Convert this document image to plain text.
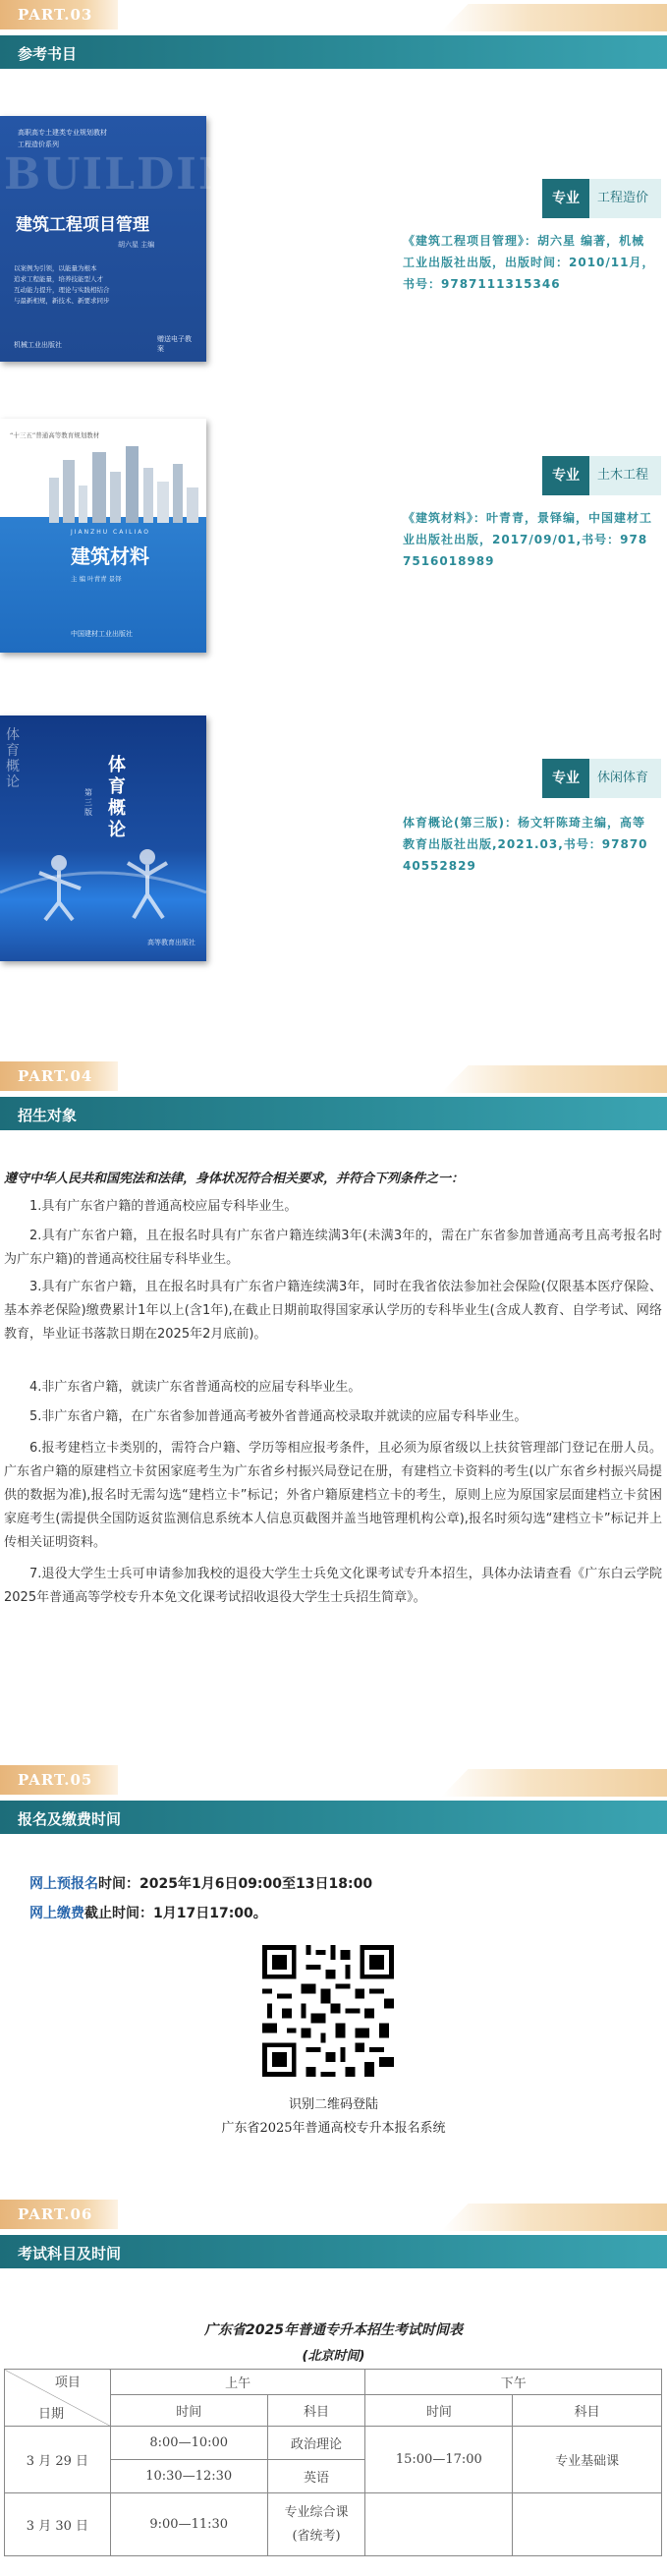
PART.03
参考书目
高职高专土建类专业规划教材
工程造价系列
BUILDING
建筑工程项目管理
胡六星 主编
以案例为引领，以能量为根本
追求工程能量，培养技能型人才
互动能力提升，理论与实践相结合
与最新相规，新技术、新要求同步
机械工业出版社
赠送电子教案
专业	工程造价
《建筑工程项目管理》：胡六星 编著，机械工业出版社出版，出版时间：2010/11月，书号：9787111315346
“十三五”普通高等教育规划教材
JIANZHU CAILIAO
建筑材料
主 编 叶青青 景铎
中国建材工业出版社
专业	土木工程
《建筑材料》：叶青青，景铎编，中国建材工业出版社出版，2017/09/01,书号：9787516018989
体育概论
体育概论
第三版
高等教育出版社
专业	休闲体育
体育概论(第三版)：杨文轩陈琦主编，高等教育出版社出版,2021.03,书号：9787040552829
PART.04
招生对象
遵守中华人民共和国宪法和法律，身体状况符合相关要求，并符合下列条件之一：
1.具有广东省户籍的普通高校应届专科毕业生。
2.具有广东省户籍，且在报名时具有广东省户籍连续满3年(未满3年的，需在广东省参加普通高考且高考报名时为广东户籍)的普通高校往届专科毕业生。
3.具有广东省户籍，且在报名时具有广东省户籍连续满3年，同时在我省依法参加社会保险(仅限基本医疗保险、基本养老保险)缴费累计1年以上(含1年),在截止日期前取得国家承认学历的专科毕业生(含成人教育、自学考试、网络教育，毕业证书落款日期在2025年2月底前)。
4.非广东省户籍，就读广东省普通高校的应届专科毕业生。
5.非广东省户籍，在广东省参加普通高考被外省普通高校录取并就读的应届专科毕业生。
6.报考建档立卡类别的，需符合户籍、学历等相应报考条件，且必须为原省级以上扶贫管理部门登记在册人员。广东省户籍的原建档立卡贫困家庭考生为广东省乡村振兴局登记在册，有建档立卡资料的考生(以广东省乡村振兴局提供的数据为准),报名时无需勾选“建档立卡”标记；外省户籍原建档立卡的考生，原则上应为原国家层面建档立卡贫困家庭考生(需提供全国防返贫监测信息系统本人信息页截图并盖当地管理机构公章),报名时须勾选“建档立卡”标记并上传相关证明资料。
7.退役大学生士兵可申请参加我校的退役大学生士兵免文化课考试专升本招生，具体办法请查看《广东白云学院2025年普通高等学校专升本免文化课考试招收退役大学生士兵招生简章》。
PART.05
报名及缴费时间
网上预报名时间：2025年1月6日09:00至13日18:00
网上缴费截止时间：1月17日17:00。
识别二维码登陆
广东省2025年普通高校专升本报名系统
PART.06
考试科目及时间
广东省2025年普通专升本招生考试时间表
(北京时间)
项目
日期	上午		下午	
	时间	科目	时间	科目
3 月 29 日	8:00—10:00	政治理论	15:00—17:00	专业基础课
	10:30—12:30	英语		
3 月 30 日	9:00—11:30	专业综合课
(省统考)		
